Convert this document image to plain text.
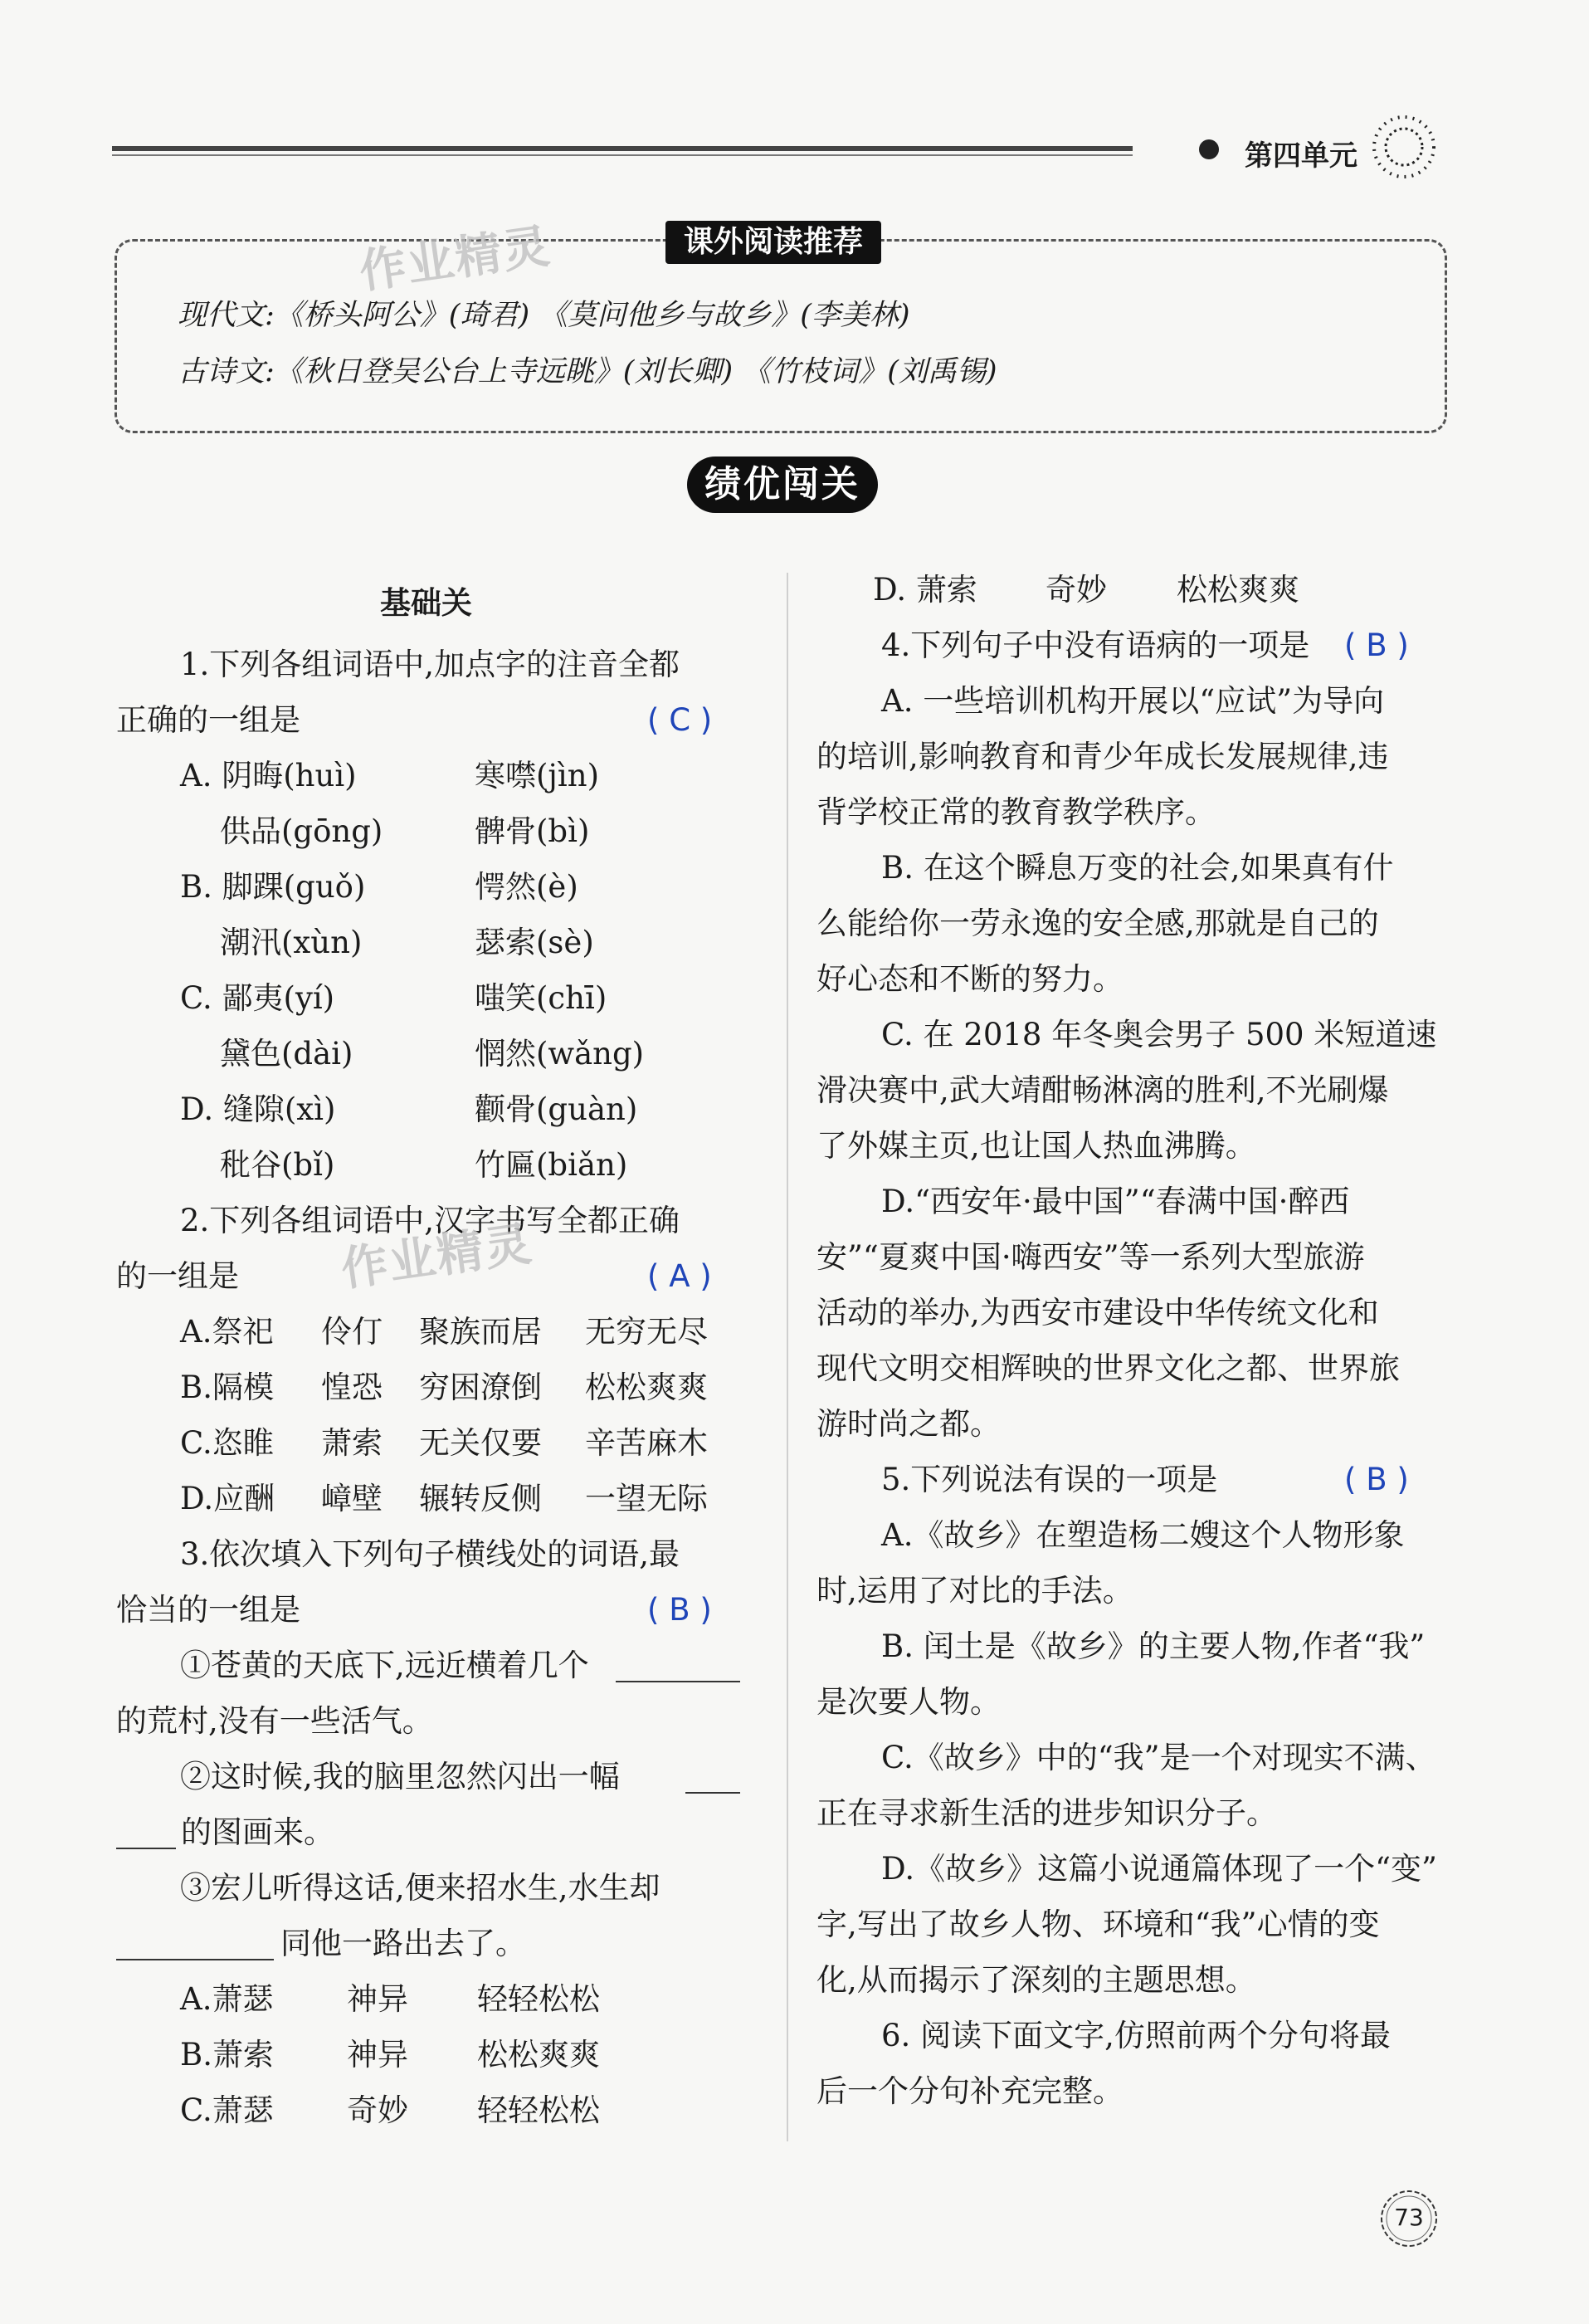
第四单元
课外阅读推荐
作业精灵
现代文:《桥头阿公》(琦君) 《莫问他乡与故乡》(李美林)
古诗文:《秋日登吴公台上寺远眺》(刘长卿) 《竹枝词》(刘禹锡)
绩优闯关
基础关
1.下列各组词语中,加点字的注音全都
正确的一组是	( C )
A. 阴晦(huì)	寒噤(jìn)
供品(gōng)	髀骨(bì)
B. 脚踝(guǒ)	愕然(è)
潮汛(xùn)	瑟索(sè)
C. 鄙夷(yí)	嗤笑(chī)
黛色(dài)	惘然(wǎng)
D. 缝隙(xì)	颧骨(guàn)
秕谷(bǐ)	竹匾(biǎn)
2.下列各组词语中,汉字书写全都正确
的一组是	( A )
作业精灵
A.祭祀 伶仃 聚族而居 无穷无尽
B.隔模 惶恐 穷困潦倒 松松爽爽
C.恣睢 萧索 无关仅要 辛苦麻木
D.应酬 嶂壁 辗转反侧 一望无际
3.依次填入下列句子横线处的词语,最
恰当的一组是	( B )
①苍黄的天底下,远近横着几个
的荒村,没有一些活气。
②这时候,我的脑里忽然闪出一幅
的图画来。
③宏儿听得这话,便来招水生,水生却
同他一路出去了。
A.萧瑟 神异 轻轻松松
B.萧索 神异 松松爽爽
C.萧瑟 奇妙 轻轻松松
D. 萧索 奇妙 松松爽爽
4.下列句子中没有语病的一项是 ( B )
A. 一些培训机构开展以“应试”为导向
的培训,影响教育和青少年成长发展规律,违
背学校正常的教育教学秩序。
B. 在这个瞬息万变的社会,如果真有什
么能给你一劳永逸的安全感,那就是自己的
好心态和不断的努力。
C. 在 2018 年冬奥会男子 500 米短道速
滑决赛中,武大靖酣畅淋漓的胜利,不光刷爆
了外媒主页,也让国人热血沸腾。
D.“西安年·最中国”“春满中国·醉西
安”“夏爽中国·嗨西安”等一系列大型旅游
活动的举办,为西安市建设中华传统文化和
现代文明交相辉映的世界文化之都、世界旅
游时尚之都。
5.下列说法有误的一项是	( B )
A.《故乡》在塑造杨二嫂这个人物形象
时,运用了对比的手法。
B. 闰土是《故乡》的主要人物,作者“我”
是次要人物。
C.《故乡》中的“我”是一个对现实不满、
正在寻求新生活的进步知识分子。
D.《故乡》这篇小说通篇体现了一个“变”
字,写出了故乡人物、环境和“我”心情的变
化,从而揭示了深刻的主题思想。
6. 阅读下面文字,仿照前两个分句将最
后一个分句补充完整。
73
